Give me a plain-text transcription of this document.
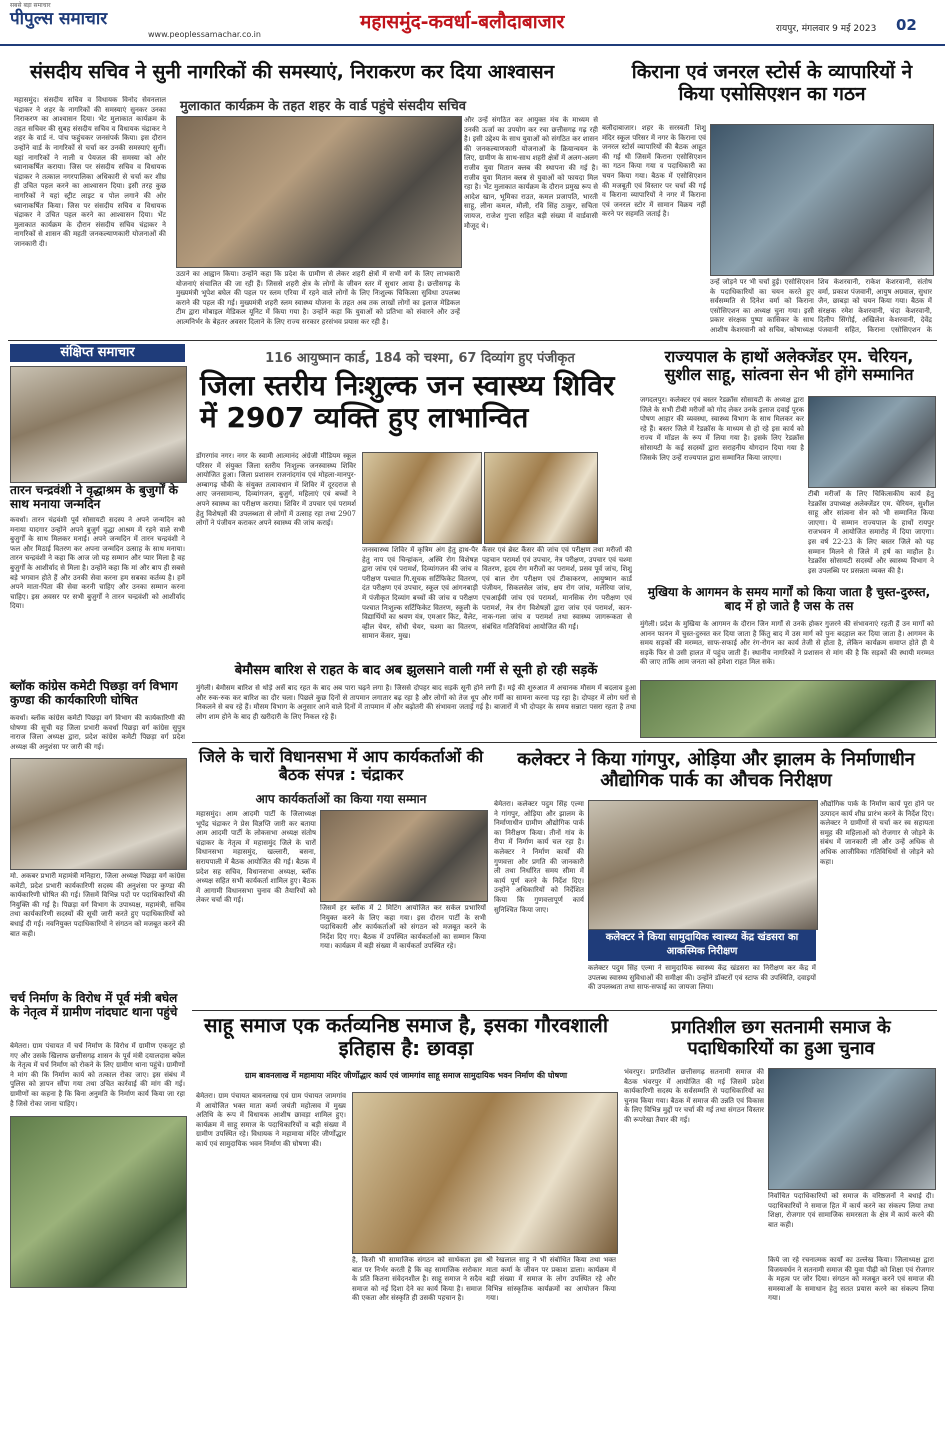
सबसे बड़ा समाचार
पीपुल्स समाचार
www.peoplessamachar.co.in
महासमुंद-कवर्धा-बलौदाबाजार	रायपुर, मंगलवार 9 मई 2023 02
संसदीय सचिव ने सुनी नागरिकों की समस्याएं, निराकरण कर दिया आश्वासन
मुलाकात कार्यक्रम के तहत शहर के वार्ड पहुंचे संसदीय सचिव
महासमुंद। संसदीय सचिव व विधायक विनोद सेवनलाल चंद्राकर ने शहर के नागरिकों की समस्याएं सुनकर उनका निराकरण का आश्वासन दिया। भेंट मुलाकात कार्यक्रम के तहत सचिवर की सुबह संसदीय सचिव व विधायक चंद्राकर ने शहर के वार्ड नं. पांच फहुंचकर जनसंपर्क किया। इस दौरान उन्होंने वार्ड के नागरिकों से चर्चा कर उनकी समस्याएं सुनीं। यहां नागरिकों ने नाली व पेयजल की समस्या को ओर ध्यानाकर्षित कराया। जिस पर संसदीय सचिव व विधायक चंद्राकर ने तत्काल नगरपालिका अधिकारी से चर्चा कर शीघ्र ही उचित पहल करने का आश्वासन दिया। इसी तरह कुछ नागरिकों ने यहां स्ट्रीट लाइट व पोल लगाने की ओर ध्यानाकर्षित किया। जिस पर संसदीय सचिव व विधायक चंद्राकर ने उचित पहल करने का आश्वासन दिया। भेंट मुलाकात कार्यक्रम के दौरान संसदीय सचिव चंद्राकर ने नागरिकों से शासन की महती जनकल्याणकारी योजनाओं की जानकारी दी।
उठाने का आह्वान किया। उन्होंने कहा कि प्रदेश के ग्रामीण से लेकर शहरी क्षेत्रों में सभी वर्ग के लिए लाभकारी योजनाएं संचालित की जा रही हैं। जिससे शहरी क्षेत्र के लोगों के जीवन स्तर में सुधार आया है। छत्तीसगढ़ के मुख्यमंत्री भूपेश बघेल की पहल पर स्लम एरिया में रहने वाले लोगों के लिए निःशुल्क चिकित्सा सुविधा उपलब्ध कराने की पहल की गई। मुख्यमंत्री शहरी स्लम स्वास्थ्य योजना के तहत अब तक लाखों लोगों का इलाज मेडिकल टीम द्वारा मोबाइल मेडिकल यूनिट में किया गया है। उन्होंने कहा कि युवाओं को प्रतिभा को संवारने और उन्हें आत्मनिर्भर के बेहतर अवसर दिलाने के लिए राज्य सरकार हरसंभव प्रयास कर रही है।
और उन्हें संगठित कर आयुक्त मंच के माध्यम से उनकी ऊर्जा का उपयोग कर रचा छत्तीसगढ़ गढ़ रही है। इसी उद्देश्य के साथ युवाओं को संगठित कर शासन की जनकल्याणकारी योजनाओं के क्रियान्वयन के लिए, ग्रामीण के साथ-साथ शहरी क्षेत्रों में अलग-अलग राजीव युवा मितान क्लब की स्थापना की गई है। राजीव युवा मितान क्लब से युवाओं को फायदा मिल रहा है। भेंट मुलाकात कार्यक्रम के दौरान प्रमुख रूप से आदेश खान, भूमिका राउत, कमल प्रजापति, भारती साहू, लीना कमल, मौली, रवि सिंह ठाकुर, सचिता जायज, राजेश गुप्ता सहित बड़ी संख्या में वार्डवासी मौजूद थे।
किराना एवं जनरल स्टोर्स के व्यापारियों ने किया एसोसिएशन का गठन
बलौदाबाजार। शहर के सरस्वती शिशु मंदिर स्कूल परिसर में नगर के किराना एवं जनरल स्टोर्स व्यापारियों की बैठक आहूत की गई थी जिसमें किराना एसोसिएशन का गठन किया गया व पदाधिकारी का चयन किया गया। बैठक में एसोसिएशन की मजबूती एवं विस्तार पर चर्चा की गई व किराना व्यापारियों ने नगर में किराना एवं जनरल स्टोर में सामान विक्रय नहीं करने पर सहमति जताई है।
उन्हें जोड़ने पर भी चर्चा हुई। एसोसिएशन के पदाधिकारियों का चयन करते हुए सर्वसम्मति से दिनेश वर्मा को किराना एसोसिएशन का अध्यक्ष चुना गया। इसी प्रकार संरक्षक पुष्पा कासिकर के साथ आशीष केशरवानी को सचिव, कोषाध्यक्ष
शिव केशरवानी, राकेश केशरवानी, संतोष वर्मा, प्रकाश पंजवानी, आयुष अग्रवाल, सुधार जैन, छाबड़ा को चयन किया गया। बैठक में संरक्षक रमेश केशरवानी, चंदा केशरवानी, दिलीप सिंगोई, अखिलेश केशरवानी, देवेंद्र पंजवानी सहित, किराना एसोसिएशन के
संक्षिप्त समाचार
तारन चन्द्रवंशी ने वृद्धाश्रम के बुजुर्गों के साथ मनाया जन्मदिन
कवर्धा। तारन चंद्रवंशी पूर्व सोसायटी सदस्य ने अपने जन्मदिन को मनाया यादगार उन्होंने अपने बुजुर्ग वृद्धा आश्रम में रहने वाले सभी बुजुर्गों के साथ मिलकर मनाई। अपने जन्मदिन में तारन चन्द्रवंशी ने फल और मिठाई वितरण कर अपना जन्मदिन उत्साह के साथ मनाया। तारन चन्द्रवंशी ने कहा कि आज जो यह सम्मान और प्यार मिला है वह बुजुर्गों के आशीर्वाद से मिला है। उन्होंने कहा कि मां और बाप ही सबसे बड़े भगवान होते हैं और उनकी सेवा करना हम सबका कर्तव्य है। हमें अपने माता-पिता की सेवा करनी चाहिए और उनका सम्मान करना चाहिए। इस अवसर पर सभी बुजुर्गों ने तारन चन्द्रवंशी को आशीर्वाद दिया।
ब्लॉक कांग्रेस कमेटी पिछड़ा वर्ग विभाग कुण्डा की कार्यकारिणी घोषित
कवर्धा। ब्लॉक कांग्रेस कमेटी पिछड़ा वर्ग विभाग की कार्यकारिणी की घोषणा की सूची यह जिला प्रभारी कवर्धा पिछड़ा वर्ग कांग्रेस सुपुत्र नाराज जिला अध्यक्ष द्वारा, प्रदेश कांग्रेस कमेटी पिछड़ा वर्ग प्रदेश अध्यक्ष की अनुशंसा पर जारी की गई।
मो. अकबर प्रभारी महामंत्री मनिहारा, जिला अध्यक्ष पिछड़ा वर्ग कांग्रेस कमेटी, प्रदेश प्रभारी कार्यकारिणी सदस्य की अनुशंसा पर कुण्डा की कार्यकारिणी घोषित की गई। जिसमें विभिन्न पदों पर पदाधिकारियों की नियुक्ति की गई है। पिछड़ा वर्ग विभाग के उपाध्यक्ष, महामंत्री, सचिव तथा कार्यकारिणी सदस्यों की सूची जारी करते हुए पदाधिकारियों को बधाई दी गई। नवनियुक्त पदाधिकारियों ने संगठन को मजबूत करने की बात कही।
116 आयुष्मान कार्ड, 184 को चश्मा, 67 दिव्यांग हुए पंजीकृत
जिला स्तरीय निःशुल्क जन स्वास्थ्य शिविर में 2907 व्यक्ति हुए लाभान्वित
डोंगरगांव नगर। नगर के स्वामी आत्मानंद अंग्रेजी मीडियम स्कूल परिसर में संयुक्त जिला स्तरीय निःशुल्क जनस्वास्थ्य शिविर आयोजित हुआ। जिला प्रशासन राजनांदगांव एवं मोहला-मानपुर-अम्बागढ़ चौकी के संयुक्त तत्वावधान में शिविर में दूरदराज से आए जनसामान्य, दिव्यांगजन, बुजुर्ग, महिलाएं एवं बच्चों ने अपने स्वास्थ्य का परीक्षण कराया। शिविर में उपचार एवं परामर्श हेतु विशेषज्ञों की उपलब्धता से लोगों में उत्साह रहा तथा 2907 लोगों ने पंजीयन कराकर अपने स्वास्थ्य की जांच कराई।
जनस्वास्थ्य शिविर में कृत्रिम अंग हेतु हाथ-पैर हेतु नाप एवं चिन्हांकन, अस्थि रोग विशेषज्ञ द्वारा जांच एवं परामर्श, दिव्यांगजन की जांच व परीक्षण पश्चात गि.सूचक सर्टिफिकेट वितरण, दंत परीक्षण एवं उपचार, स्कूल एवं आंगनबाड़ी में पंजीकृत दिव्यांग बच्चों की जांच व परीक्षण पश्चात निःशुल्क सर्टिफिकेट वितरण, स्कूली के विद्यार्थियों का श्रवण यंत्र, एमआर किट, वैलेट, व्हील चेयर, सोंधी चेयर, चश्मा का वितरण, सामान केंसर, मुख।
कैंसर एवं ब्रेस्ट कैंसर की जांच एवं परीक्षण तथा मरीजों की पहचान परामर्श एवं उपचार, नेत्र परीक्षण, उपचार एवं चश्मा वितरण, हृदय रोग मरीजों का परामर्श, प्रसव पूर्व जांच, शिशु एवं बाल रोग परीक्षण एवं टीकाकरण, आयुष्मान कार्ड पंजीयन, सिकलसेल जांच, क्षय रोग जांच, मलेरिया जांच, एचआईवी जांच एवं परामर्श, मानसिक रोग परीक्षण एवं परामर्श, नेत्र रोग विशेषज्ञों द्वारा जांच एवं परामर्श, कान-नाक-गला जांच व परामर्श तथा स्वास्थ्य जागरूकता से संबंधित गतिविधियां आयोजित की गईं।
बेमौसम बारिश से राहत के बाद अब झुलसाने वाली गर्मी से सूनी हो रही सड़कें
मुंगेली। बेमौसम बारिश से थोड़े अर्से बाद रहत के बाद अब पारा चढ़ने लगा है। जिससे दोपहर बाद सड़कें सूनी होने लगी हैं। मई की शुरुआत में अचानक मौसम में बदलाव हुआ और रुक-रुक कर बारिश का दौर चला। पिछले कुछ दिनों से तापमान लगातार बढ़ रहा है और लोगों को तेज धूप और गर्मी का सामना करना पड़ रहा है। दोपहर में लोग घरों से निकलने से बच रहे हैं। मौसम विभाग के अनुसार आने वाले दिनों में तापमान में और बढ़ोतरी की संभावना जताई गई है। बाजारों में भी दोपहर के समय सन्नाटा पसरा रहता है तथा लोग शाम होने के बाद ही खरीदारी के लिए निकल रहे हैं।
राज्यपाल के हाथों अलेक्जेंडर एम. चेरियन, सुशील साहू, सांत्वना सेन भी होंगे सम्मानित
जगदलपुर। कलेक्टर एवं बस्तर रेडक्रॉस सोसायटी के अध्यक्ष द्वारा जिले के सभी टीबी मरीजों को गोद लेकर उनके इलाज दवाई पूरक पोषण आहार की व्यवस्था, स्वास्थ्य विभाग के साथ मिलकर कर रहे हैं। बस्तर जिले में रेडक्रॉस के माध्यम से हो रहे इस कार्य को राज्य में मॉडल के रूप में लिया गया है। इसके लिए रेडक्रॉस सोसायटी के कई सदस्यों द्वारा सराहनीय योगदान दिया गया है जिसके लिए उन्हें राज्यपाल द्वारा सम्मानित किया जाएगा।
टीबी मरीजों के लिए चिकित्सकीय कार्य हेतु रेडक्रॉस उपाध्यक्ष अलेक्जेंडर एम. चेरियन, सुशील साहू और सांत्वना सेन को भी सम्मानित किया जाएगा। ये सम्मान राज्यपाल के हाथों रायपुर राजभवन में आयोजित समारोह में दिया जाएगा। इस वर्ष 22-23 के लिए बस्तर जिले को यह सम्मान मिलने से जिले में हर्ष का माहौल है। रेडक्रॉस सोसायटी सदस्यों और स्वास्थ्य विभाग ने इस उपलब्धि पर प्रसन्नता व्यक्त की है।
मुखिया के आगमन के समय मार्गों को किया जाता है चुस्त-दुरुस्त, बाद में हो जाते है जस के तस
मुंगेली। प्रदेश के मुखिया के आगमन के दौरान जिन मार्गों से उनके होकर गुजरने की संभावनाएं रहती हैं उन मार्गों को आनन फानन में चुस्त-दुरुस्त कर दिया जाता है किंतु बाद में उस मार्ग को पुनः बदहाल कर दिया जाता है। आगमन के समय सड़कों की मरम्मत, साफ-सफाई और रंग-रोगन का कार्य तेजी से होता है, लेकिन कार्यक्रम समाप्त होते ही ये सड़कें फिर से उसी हालत में पहुंच जाती हैं। स्थानीय नागरिकों ने प्रशासन से मांग की है कि सड़कों की स्थायी मरम्मत की जाए ताकि आम जनता को हमेशा राहत मिल सके।
जिले के चारों विधानसभा में आप कार्यकर्ताओं की बैठक संपन्न : चंद्राकर
आप कार्यकर्ताओं का किया गया सम्मान
महासमुंद। आम आदमी पार्टी के जिलाध्यक्ष भूपेंद्र चंद्राकर ने प्रेस विज्ञप्ति जारी कर बताया आम आदमी पार्टी के लोकसभा अध्यक्ष संतोष चंद्राकर के नेतृत्व में महासमुंद जिले के चारों विधानसभा महासमुंद, खल्लारी, बसना, सरायपाली में बैठक आयोजित की गई। बैठक में प्रदेश सह सचिव, विधानसभा अध्यक्ष, ब्लॉक अध्यक्ष सहित सभी कार्यकर्ता शामिल हुए। बैठक में आगामी विधानसभा चुनाव की तैयारियों को लेकर चर्चा की गई।
जिसमें हर ब्लॉक में 2 मिटिंग आयोजित कर सर्कल प्रभारियों नियुक्त करने के लिए कहा गया। इस दौरान पार्टी के सभी पदाधिकारी और कार्यकर्ताओं को संगठन को मजबूत करने के निर्देश दिए गए। बैठक में उपस्थित कार्यकर्ताओं का सम्मान किया गया। कार्यक्रम में बड़ी संख्या में कार्यकर्ता उपस्थित रहे।
कलेक्टर ने किया गांगपुर, ओड़िया और झालम के निर्माणाधीन औद्योगिक पार्क का औचक निरीक्षण
बेमेतरा। कलेक्टर पदुम सिंह एल्मा ने गांगपुर, ओड़िया और झालम के निर्माणाधीन ग्रामीण औद्योगिक पार्क का निरीक्षण किया। तीनों गांव के रीपा में निर्माण कार्य चल रहा है। कलेक्टर ने निर्माण कार्यों की गुणवत्ता और प्रगति की जानकारी ली तथा निर्धारित समय सीमा में कार्य पूर्ण करने के निर्देश दिए। उन्होंने अधिकारियों को निर्देशित किया कि गुणवत्तापूर्ण कार्य सुनिश्चित किया जाए।
कलेक्टर ने किया सामुदायिक स्वास्थ्य केंद्र खंडसरा का आकस्मिक निरीक्षण
कलेक्टर पदुम सिंह एल्मा ने सामुदायिक स्वास्थ्य केंद्र खंडसरा का निरीक्षण कर केंद्र में उपलब्ध स्वास्थ्य सुविधाओं की समीक्षा की। उन्होंने डॉक्टरों एवं स्टाफ की उपस्थिति, दवाइयों की उपलब्धता तथा साफ-सफाई का जायजा लिया।
औद्योगिक पार्क के निर्माण कार्य पूरा होने पर उत्पादन कार्य शीघ्र प्रारंभ करने के निर्देश दिए। कलेक्टर ने ग्रामीणों से चर्चा कर स्व सहायता समूह की महिलाओं को रोजगार से जोड़ने के संबंध में जानकारी ली और उन्हें अधिक से अधिक आजीविका गतिविधियों से जोड़ने को कहा।
चर्च निर्माण के विरोध में पूर्व मंत्री बघेल के नेतृत्व में ग्रामीण नांदघाट थाना पहुंचे
बेमेतरा। ग्राम पंचायत में चर्च निर्माण के विरोध में ग्रामीण एकजुट हो गए और उसके खिलाफ छत्तीसगढ़ शासन के पूर्व मंत्री दयालदास बघेल के नेतृत्व में चर्च निर्माण को रोकने के लिए ग्रामीण थाना पहुंचे। ग्रामीणों ने मांग की कि निर्माण कार्य को तत्काल रोका जाए। इस संबंध में पुलिस को ज्ञापन सौंपा गया तथा उचित कार्रवाई की मांग की गई। ग्रामीणों का कहना है कि बिना अनुमति के निर्माण कार्य किया जा रहा है जिसे रोका जाना चाहिए।
साहू समाज एक कर्तव्यनिष्ठ समाज है, इसका गौरवशाली इतिहास है: छावड़ा
ग्राम बावनलाख में महामाया मंदिर जीर्णोद्धार कार्य एवं जामगांव साहू समाज सामुदायिक भवन निर्माण की घोषणा
बेमेतरा। ग्राम पंचायत बावनलाख एवं ग्राम पंचायत जामगांव में आयोजित भक्त माता कर्मा जयंती महोत्सव में मुख्य अतिथि के रूप में विधायक आशीष छावड़ा शामिल हुए। कार्यक्रम में साहू समाज के पदाधिकारियों व बड़ी संख्या में ग्रामीण उपस्थित रहे। विधायक ने महामाया मंदिर जीर्णोद्धार कार्य एवं सामुदायिक भवन निर्माण की घोषणा की।
है, किसी भी सामाजिक संगठन को सार्थकता इस बात पर निर्भर करती है कि वह सामाजिक सरोकार के प्रति कितना संवेदनशील है। साहू समाज ने सदैव समाज को नई दिशा देने का कार्य किया है। समाज की एकता और संस्कृति ही उसकी पहचान है।
श्री रेखलाल साहू ने भी संबोधित किया तथा भक्त माता कर्मा के जीवन पर प्रकाश डाला। कार्यक्रम में बड़ी संख्या में समाज के लोग उपस्थित रहे और विभिन्न सांस्कृतिक कार्यक्रमों का आयोजन किया गया।
प्रगतिशील छग सतनामी समाज के पदाधिकारियों का हुआ चुनाव
भंवरपुर। प्रगतिशील छत्तीसगढ़ सतनामी समाज की बैठक भंवरपुर में आयोजित की गई जिसमें प्रदेश कार्यकारिणी सदस्य के सर्वसम्मति से पदाधिकारियों का चुनाव किया गया। बैठक में समाज की उन्नति एवं विकास के लिए विभिन्न मुद्दों पर चर्चा की गई तथा संगठन विस्तार की रूपरेखा तैयार की गई।
निर्वाचित पदाधिकारियों को समाज के वरिष्ठजनों ने बधाई दी। पदाधिकारियों ने समाज हित में कार्य करने का संकल्प लिया तथा शिक्षा, रोजगार एवं सामाजिक समरसता के क्षेत्र में कार्य करने की बात कही।
किये जा रहे रचनात्मक कार्यों का उल्लेख किया। जिलाध्यक्ष द्वारा विजयवर्धन ने सतनामी समाज की युवा पीढ़ी को शिक्षा एवं रोजगार के महत्व पर जोर दिया। संगठन को मजबूत करने एवं समाज की समस्याओं के समाधान हेतु सतत प्रयास करने का संकल्प लिया गया।
